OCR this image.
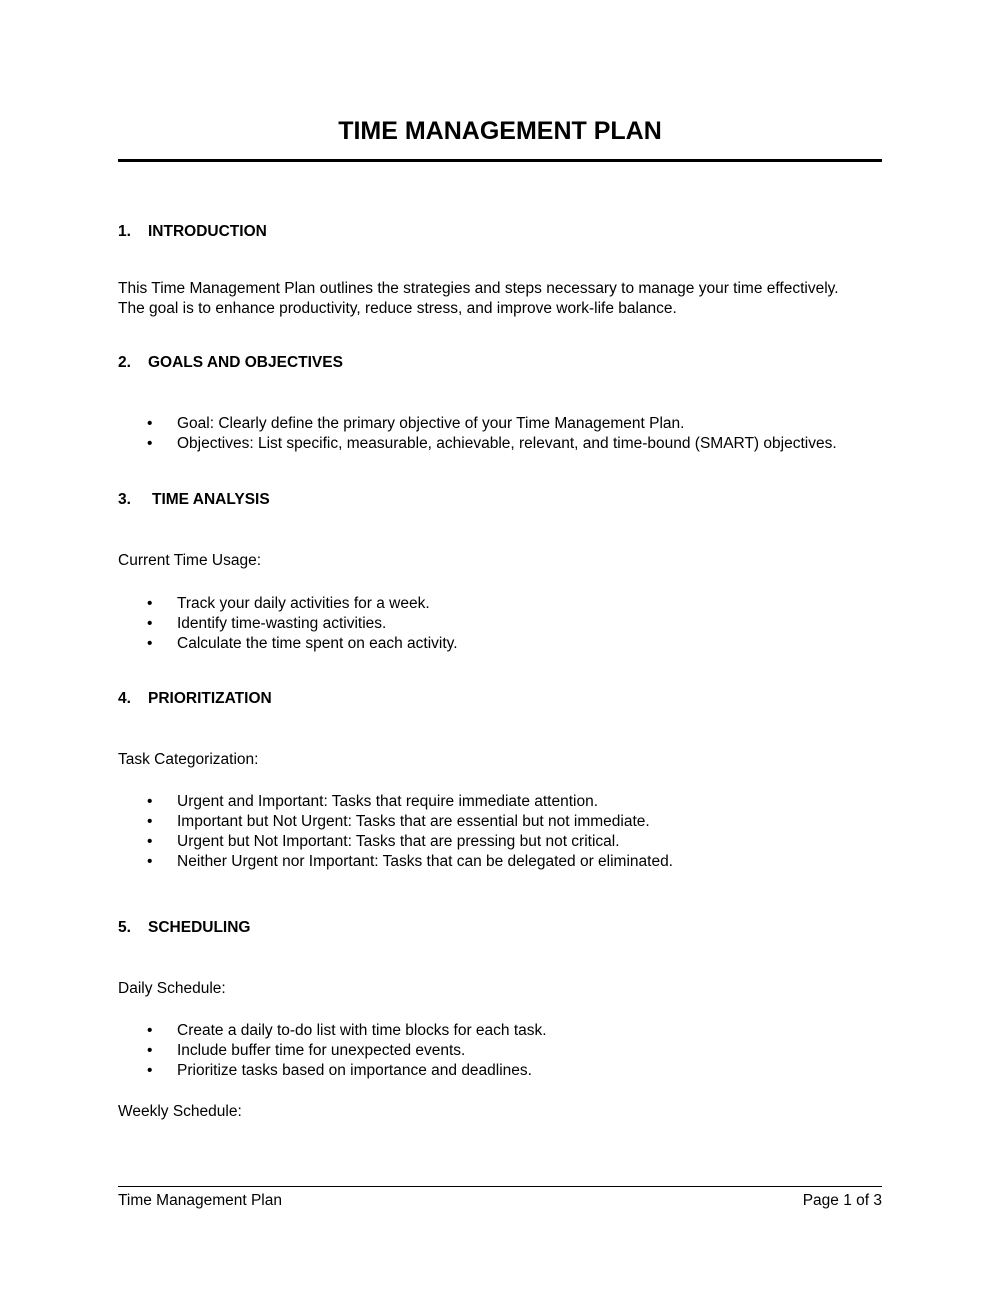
TIME MANAGEMENT PLAN
1. INTRODUCTION

This Time Management Plan outlines the strategies and steps necessary to manage your time effectively.

The goal is to enhance productivity, reduce stress, and improve work-life balance.

2. GOALS AND OBJECTIVES
• Goal: Clearly define the primary objective of your Time Management Plan.
• Objectives: List specific, measurable, achievable, relevant, and time-bound (SMART) objectives.
3. TIME ANALYSIS

Current Time Usage:

• Track your daily activities for a week.
• Identify time-wasting activities.
• Calculate the time spent on each activity.
4. PRIORITIZATION

Task Categorization:

• Urgent and Important: Tasks that require immediate attention.
• Important but Not Urgent: Tasks that are essential but not immediate.
• Urgent but Not Important: Tasks that are pressing but not critical.
• Neither Urgent nor Important: Tasks that can be delegated or eliminated.
5. SCHEDULING

Daily Schedule:

• Create a daily to-do list with time blocks for each task.
• Include buffer time for unexpected events.
• Prioritize tasks based on importance and deadlines.

Weekly Schedule:

Time Management Plan	Page 1 of 3
